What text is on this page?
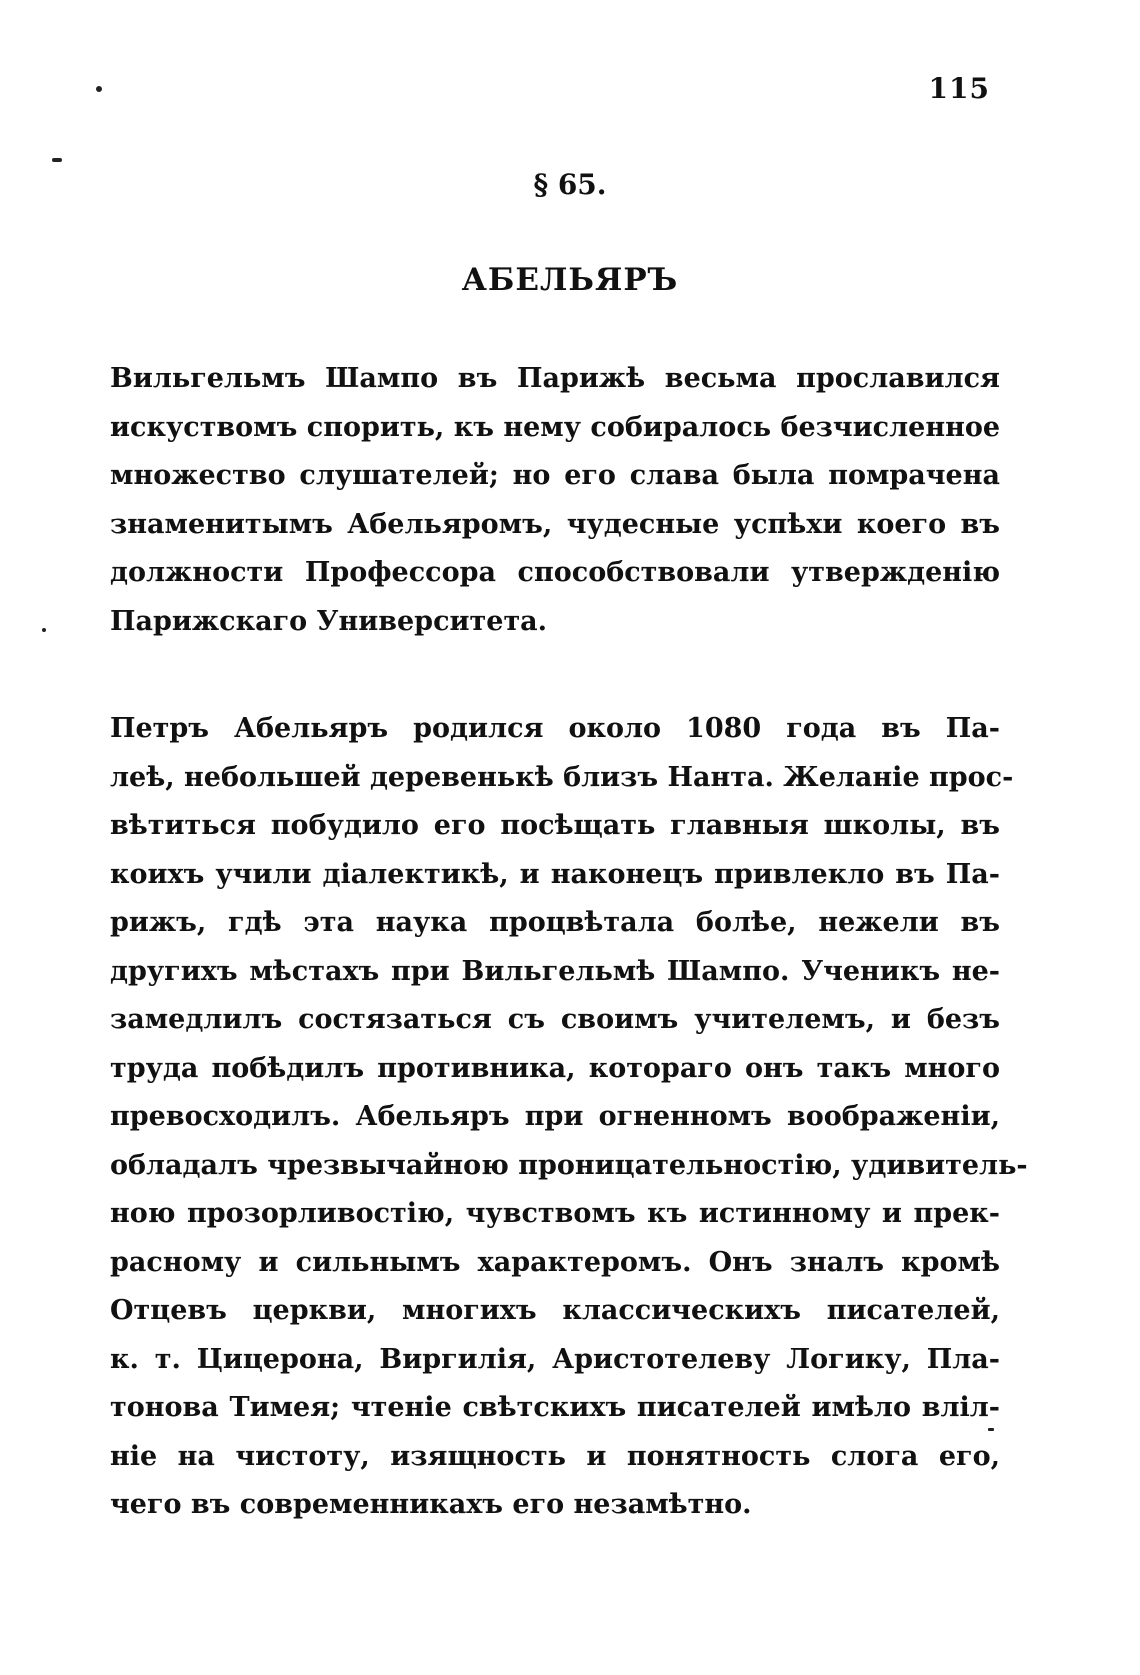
115
§ 65.
АБЕЛЬЯРЪ
Вильгельмъ Шампо въ Парижѣ весьма прославился
искуствомъ спорить, къ нему собиралось безчисленное
множество слушателей; но его слава была помрачена
знаменитымъ Абельяромъ, чудесные успѣхи коего въ
должности Профессора способствовали утвержденію
Парижскаго Университета.
Петръ Абельяръ родился около 1080 года въ Па-
леѣ, небольшей деревенькѣ близъ Нанта. Желаніе прос-
вѣтиться побудило его посѣщать главныя школы, въ
коихъ учили діалектикѣ, и наконецъ привлекло въ Па-
рижъ, гдѣ эта наука процвѣтала болѣе, нежели въ
другихъ мѣстахъ при Вильгельмѣ Шампо. Ученикъ не-
замедлилъ состязаться съ своимъ учителемъ, и безъ
труда побѣдилъ противника, котораго онъ такъ много
превосходилъ. Абельяръ при огненномъ воображеніи,
обладалъ чрезвычайною проницательностію, удивитель-
ною прозорливостію, чувствомъ къ истинному и прек-
расному и сильнымъ характеромъ. Онъ зналъ кромѣ
Отцевъ церкви, многихъ классическихъ писателей,
к. т. Цицерона, Виргилія, Аристотелеву Логику, Пла-
тонова Тимея; чтеніе свѣтскихъ писателей имѣло вліл-
ніе на чистоту, изящность и понятность слога его,
чего въ современникахъ его незамѣтно.
